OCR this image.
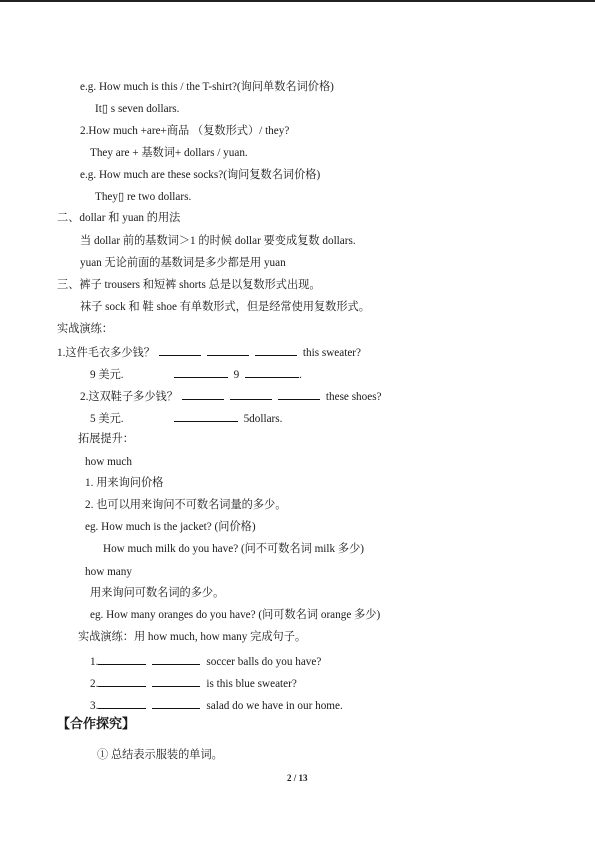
e.g. How much is this / the T-shirt?(询问单数名词价格)
It▯ s seven dollars.
2.How much +are+商品 （复数形式）/ they?
They are + 基数词+ dollars / yuan.
e.g. How much are these socks?(询问复数名词价格)
They▯ re two dollars.
二、dollar 和 yuan 的用法
当 dollar 前的基数词＞1 的时候 dollar 要变成复数 dollars.
yuan 无论前面的基数词是多少都是用 yuan
三、裤子 trousers 和短裤 shorts 总是以复数形式出现。
袜子 sock 和 鞋 shoe 有单数形式，但是经常使用复数形式。
实战演练：
1.这件毛衣多少钱？	this sweater?
9 美元.	9	.
2.这双鞋子多少钱？	these shoes?
5 美元.	5dollars.
拓展提升：
how much
1. 用来询问价格
2. 也可以用来询问不可数名词量的多少。
eg. How much is the jacket? (问价格)
How much milk do you have? (问不可数名词 milk 多少)
how many
用来询问可数名词的多少。
eg. How many oranges do you have? (问可数名词 orange 多少)
实战演练：用 how much, how many 完成句子。
1.	soccer balls do you have?
2.	is this blue sweater?
3.	salad do we have in our home.
【合作探究】
① 总结表示服装的单词。
2 / 13
